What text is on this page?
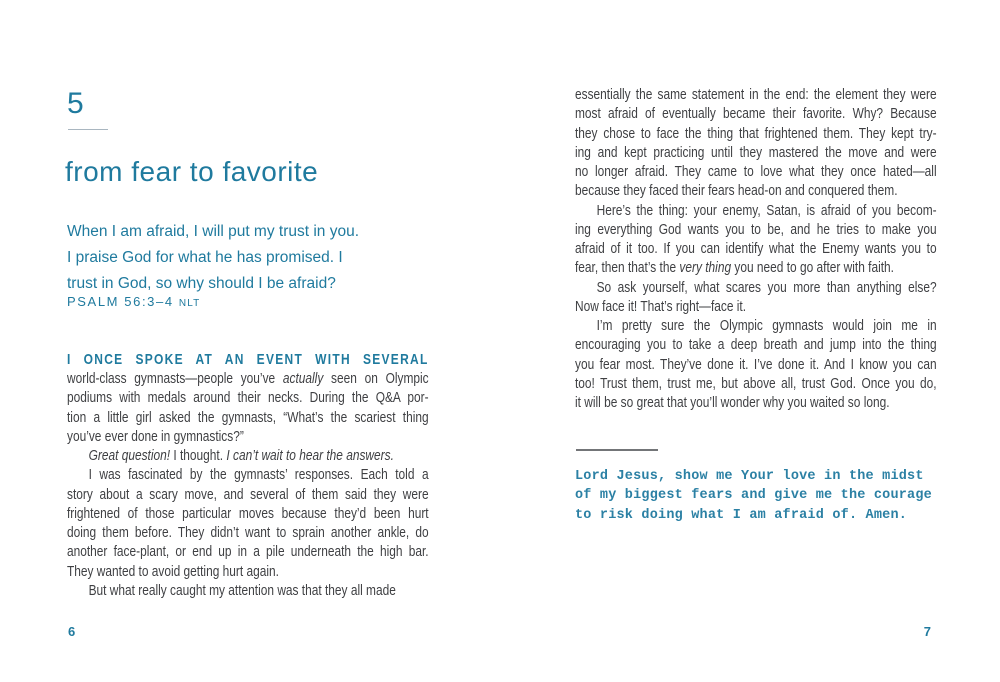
5
from fear to favorite
When I am afraid, I will put my trust in you.
I praise God for what he has promised. I
trust in God, so why should I be afraid?
PSALM 56:3–4 NLT
I ONCE SPOKE AT AN EVENT WITH SEVERAL
world-class gymnasts—people you’ve actually seen on Olympic
podiums with medals around their necks. During the Q&A por-
tion a little girl asked the gymnasts, “What’s the scariest thing
you’ve ever done in gymnastics?”
Great question! I thought. I can’t wait to hear the answers.
I was fascinated by the gymnasts’ responses. Each told a
story about a scary move, and several of them said they were
frightened of those particular moves because they’d been hurt
doing them before. They didn’t want to sprain another ankle, do
another face-plant, or end up in a pile underneath the high bar.
They wanted to avoid getting hurt again.
But what really caught my attention was that they all made
6
essentially the same statement in the end: the element they were
most afraid of eventually became their favorite. Why? Because
they chose to face the thing that frightened them. They kept try-
ing and kept practicing until they mastered the move and were
no longer afraid. They came to love what they once hated—all
because they faced their fears head-on and conquered them.
Here’s the thing: your enemy, Satan, is afraid of you becom-
ing everything God wants you to be, and he tries to make you
afraid of it too. If you can identify what the Enemy wants you to
fear, then that’s the very thing you need to go after with faith.
So ask yourself, what scares you more than anything else?
Now face it! That’s right—face it.
I’m pretty sure the Olympic gymnasts would join me in
encouraging you to take a deep breath and jump into the thing
you fear most. They’ve done it. I’ve done it. And I know you can
too! Trust them, trust me, but above all, trust God. Once you do,
it will be so great that you’ll wonder why you waited so long.
Lord Jesus, show me Your love in the midst
of my biggest fears and give me the courage
to risk doing what I am afraid of. Amen.
7
